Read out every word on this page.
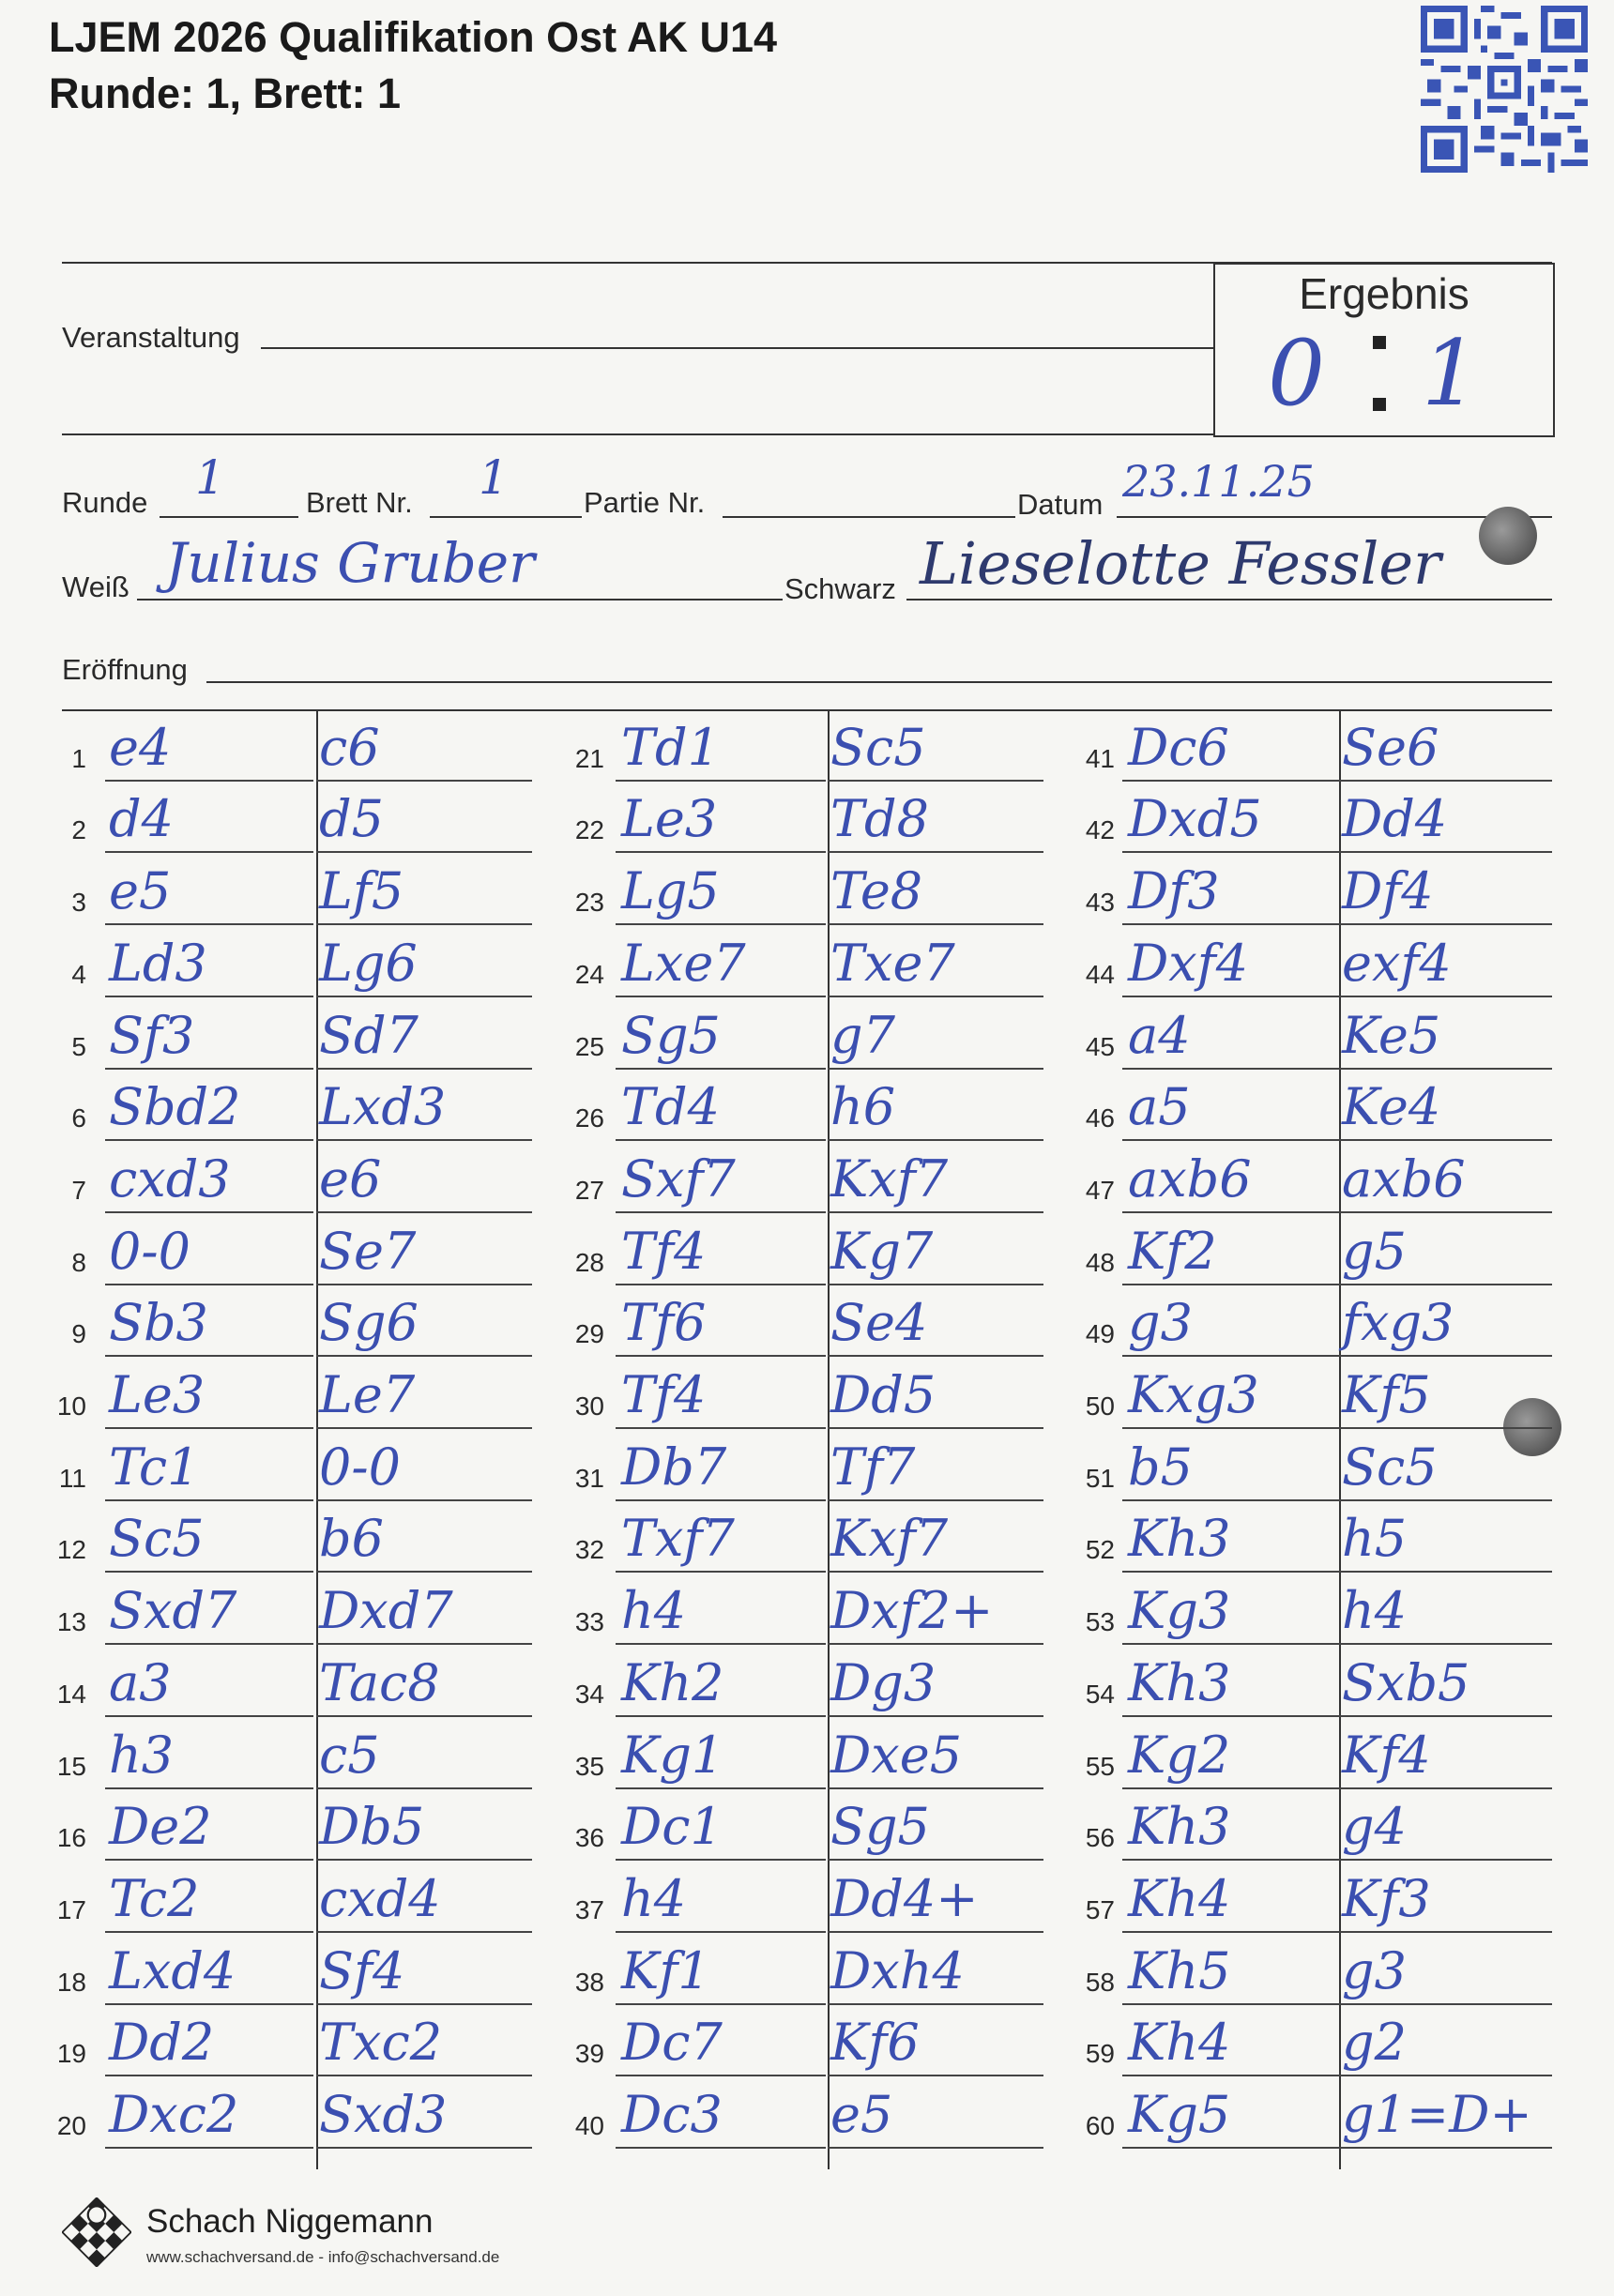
LJEM 2026 Qualifikation Ost AK U14
Runde: 1, Brett: 1
Veranstaltung
Ergebnis
0 1
Runde 1	Brett Nr. 1	Partie Nr.	Datum 23.11.25
Weiß Julius Gruber	Schwarz Lieselotte Fessler
Eröffnung
1 e4	c6
2 d4	d5
3 e5	Lf5
4 Ld3 Lg6
5 Sf3 Sd7
6 Sbd2 Lxd3
7 cxd3 e6
8 0-0	Se7
9 Sb3 Sg6
10 Le3 Le7
11 Tc1 0-0
12 Sc5 b6
13 Sxd7 Dxd7
14 a3	Tac8
15 h3	c5
16 De2 Db5
17 Tc2 cxd4
18 Lxd4 Sf4
19 Dd2 Txc2
20 Dxc2 Sxd3
21 Td1 Sc5
22 Le3 Td8
23 Lg5 Te8
24 Lxe7 Txe7
25 Sg5 g7
26 Td4 h6
27 Sxf7 Kxf7
28 Tf4 Kg7
29 Tf6 Se4
30 Tf4 Dd5
31 Db7 Tf7
32 Txf7 Kxf7
33 h4	Dxf2+
34 Kh2 Dg3
35 Kg1 Dxe5
36 Dc1 Sg5
37 h4	Dd4+
38 Kf1 Dxh4
39 Dc7 Kf6
40 Dc3 e5
41 Dc6 Se6
42 Dxd5 Dd4
43 Df3 Df4
44 Dxf4 exf4
45 a4	Ke5
46 a5	Ke4
47 axb6 axb6
48 Kf2 g5
49 g3	fxg3
50 Kxg3 Kf5
51 b5	Sc5
52 Kh3 h5
53 Kg3 h4
54 Kh3 Sxb5
55 Kg2 Kf4
56 Kh3 g4
57 Kh4 Kf3
58 Kh5 g3
59 Kh4 g2
60 Kg5 g1=D+
Schach Niggemann
www.schachversand.de - info@schachversand.de
